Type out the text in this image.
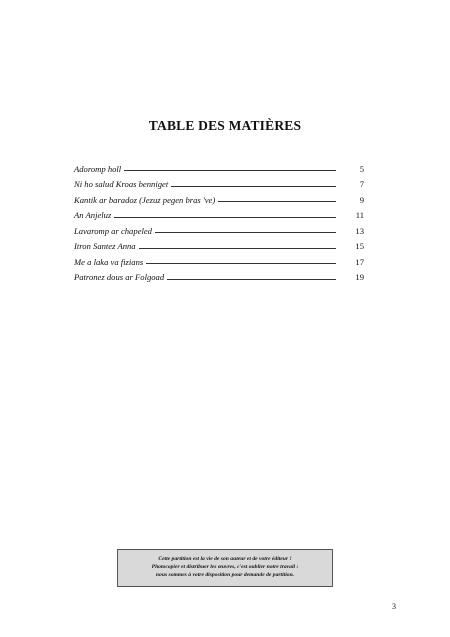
TABLE DES MATIÈRES
Adoromp holl	5
Ni ho salud Kroas benniget	7
Kantik ar baradoz (Jezuz pegen bras 've)	9
An Anjeluz	11
Lavaromp ar chapeled	13
Itron Santez Anna	15
Me a laka va fizians	17
Patronez dous ar Folgoad	19
Cette partition est la vie de son auteur et de votre éditeur !
Photocopier et distribuer les œuvres, c'est oublier notre travail :
nous sommes à votre disposition pour demande de partition.
3
